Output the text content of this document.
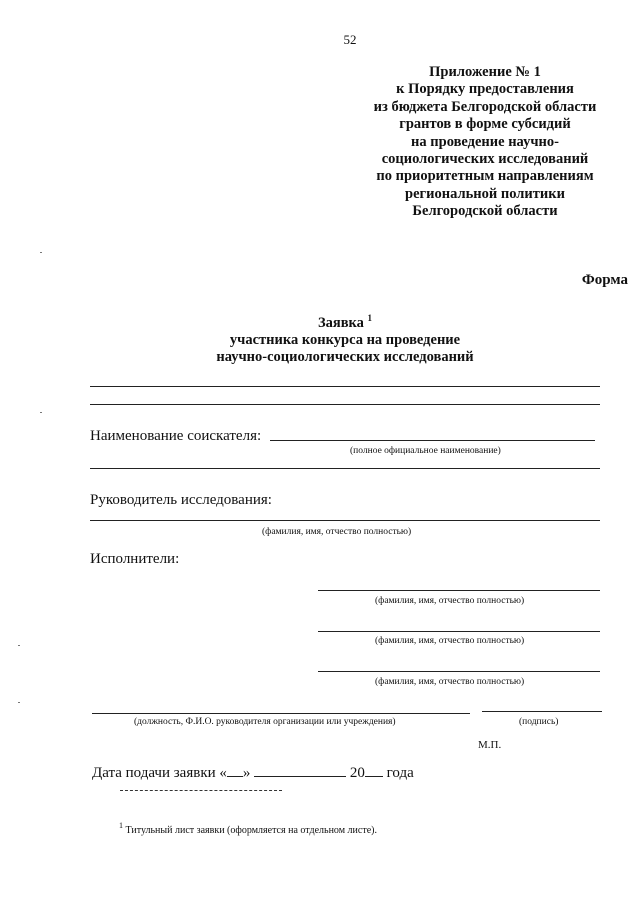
52
Приложение № 1
к Порядку предоставления
из бюджета Белгородской области
грантов в форме субсидий
на проведение научно-
социологических исследований
по приоритетным направлениям
региональной политики
Белгородской области
Форма
Заявка $^1$
участника конкурса на проведение
научно-социологических исследований
Наименование соискателя:
(полное официальное наименование)
Руководитель исследования:
(фамилия, имя, отчество полностью)
Исполнители:
(фамилия, имя, отчество полностью)
(фамилия, имя, отчество полностью)
(фамилия, имя, отчество полностью)
(должность, Ф.И.О. руководителя организации или учреждения)	(подпись)
М.П.
Дата подачи заявки « »	20 года
$^1$ Титульный лист заявки (оформляется на отдельном листе).
